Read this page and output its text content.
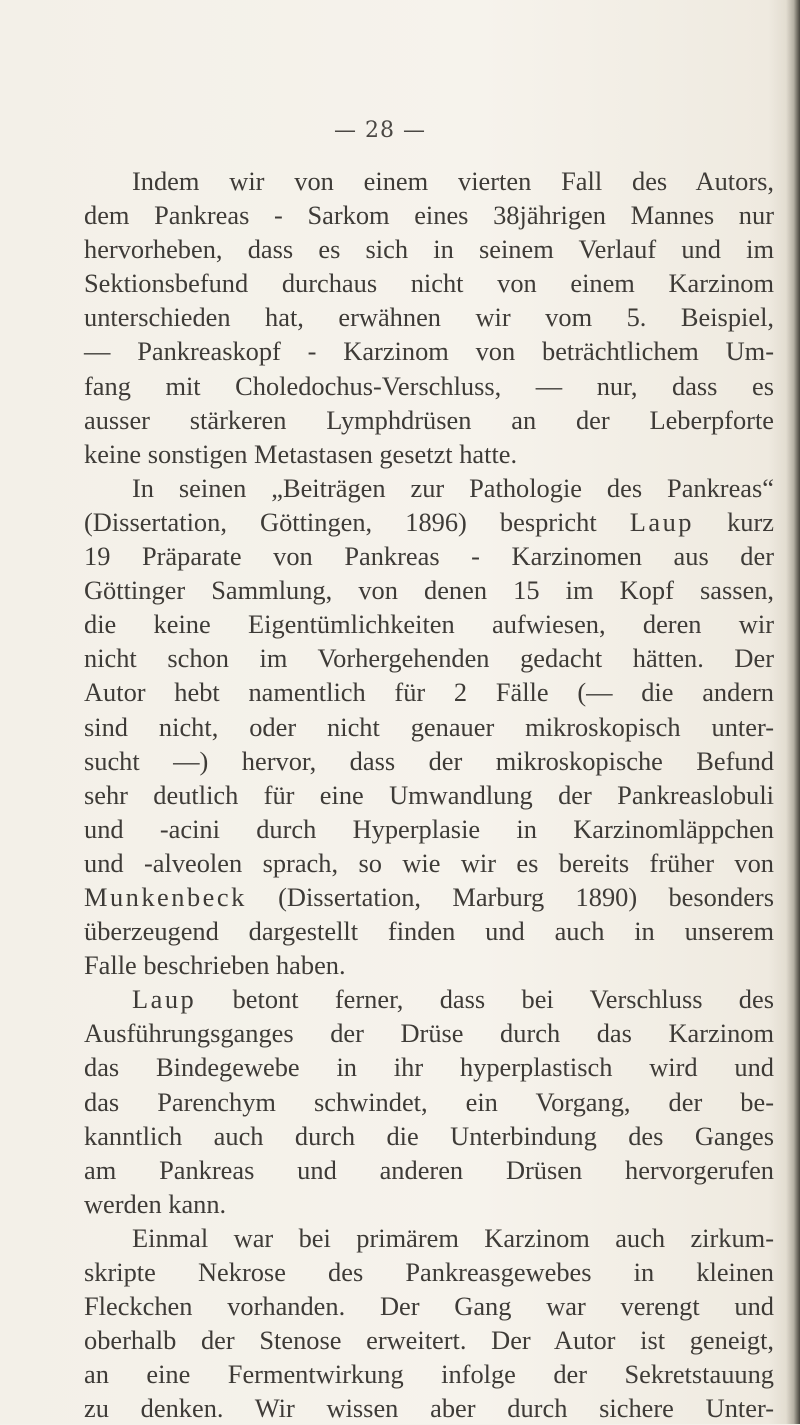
— 28 —
Indem wir von einem vierten Fall des Autors,
dem Pankreas - Sarkom eines 38jährigen Mannes nur
hervorheben, dass es sich in seinem Verlauf und im
Sektionsbefund durchaus nicht von einem Karzinom
unterschieden hat, erwähnen wir vom 5. Beispiel,
— Pankreaskopf - Karzinom von beträchtlichem Um-
fang mit Choledochus-Verschluss, — nur, dass es
ausser stärkeren Lymphdrüsen an der Leberpforte
keine sonstigen Metastasen gesetzt hatte.
In seinen „Beiträgen zur Pathologie des Pankreas“
(Dissertation, Göttingen, 1896) bespricht Laup kurz
19 Präparate von Pankreas - Karzinomen aus der
Göttinger Sammlung, von denen 15 im Kopf sassen,
die keine Eigentümlichkeiten aufwiesen, deren wir
nicht schon im Vorhergehenden gedacht hätten. Der
Autor hebt namentlich für 2 Fälle (— die andern
sind nicht, oder nicht genauer mikroskopisch unter-
sucht —) hervor, dass der mikroskopische Befund
sehr deutlich für eine Umwandlung der Pankreaslobuli
und -acini durch Hyperplasie in Karzinomläppchen
und -alveolen sprach, so wie wir es bereits früher von
Munkenbeck (Dissertation, Marburg 1890) besonders
überzeugend dargestellt finden und auch in unserem
Falle beschrieben haben.
Laup betont ferner, dass bei Verschluss des
Ausführungsganges der Drüse durch das Karzinom
das Bindegewebe in ihr hyperplastisch wird und
das Parenchym schwindet, ein Vorgang, der be-
kanntlich auch durch die Unterbindung des Ganges
am Pankreas und anderen Drüsen hervorgerufen
werden kann.
Einmal war bei primärem Karzinom auch zirkum-
skripte Nekrose des Pankreasgewebes in kleinen
Fleckchen vorhanden. Der Gang war verengt und
oberhalb der Stenose erweitert. Der Autor ist geneigt,
an eine Fermentwirkung infolge der Sekretstauung
zu denken. Wir wissen aber durch sichere Unter-
